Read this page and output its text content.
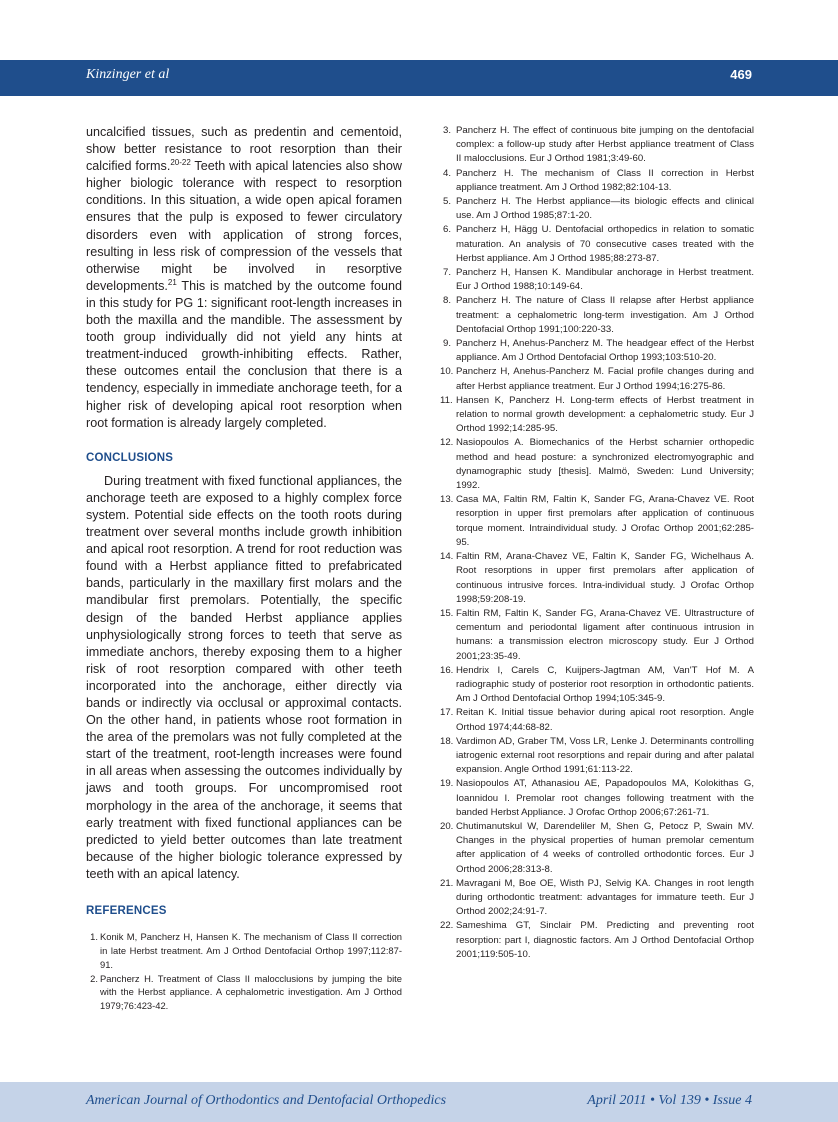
Kinzinger et al	469

uncalcified tissues, such as predentin and cementoid, show better resistance to root resorption than their calcified forms.$^{20-22}$ Teeth with apical latencies also show higher biologic tolerance with respect to resorption conditions. In this situation, a wide open apical foramen ensures that the pulp is exposed to fewer circulatory disorders even with application of strong forces, resulting in less risk of compression of the vessels that otherwise might be involved in resorptive developments.$^{21}$ This is matched by the outcome found in this study for PG 1: significant root-length increases in both the maxilla and the mandible. The assessment by tooth group individually did not yield any hints at treatment-induced growth-inhibiting effects. Rather, these outcomes entail the conclusion that there is a tendency, especially in immediate anchorage teeth, for a higher risk of developing apical root resorption when root formation is already largely completed.

CONCLUSIONS

During treatment with fixed functional appliances, the anchorage teeth are exposed to a highly complex force system. Potential side effects on the tooth roots during treatment over several months include growth inhibition and apical root resorption. A trend for root reduction was found with a Herbst appliance fitted to prefabricated bands, particularly in the maxillary first molars and the mandibular first premolars. Potentially, the specific design of the banded Herbst appliance applies unphysiologically strong forces to teeth that serve as immediate anchors, thereby exposing them to a higher risk of root resorption compared with other teeth incorporated into the anchorage, either directly via bands or indirectly via occlusal or approximal contacts. On the other hand, in patients whose root formation in the area of the premolars was not fully completed at the start of the treatment, root-length increases were found in all areas when assessing the outcomes individually by jaws and tooth groups. For uncompromised root morphology in the area of the anchorage, it seems that early treatment with fixed functional appliances can be predicted to yield better outcomes than late treatment because of the higher biologic tolerance expressed by teeth with an apical latency.

REFERENCES
1. Konik M, Pancherz H, Hansen K. The mechanism of Class II correction in late Herbst treatment. Am J Orthod Dentofacial Orthop 1997;112:87-91.
2. Pancherz H. Treatment of Class II malocclusions by jumping the bite with the Herbst appliance. A cephalometric investigation. Am J Orthod 1979;76:423-42.
3. Pancherz H. The effect of continuous bite jumping on the dentofacial complex: a follow-up study after Herbst appliance treatment of Class II malocclusions. Eur J Orthod 1981;3:49-60.
4. Pancherz H. The mechanism of Class II correction in Herbst appliance treatment. Am J Orthod 1982;82:104-13.
5. Pancherz H. The Herbst appliance—its biologic effects and clinical use. Am J Orthod 1985;87:1-20.
6. Pancherz H, Hägg U. Dentofacial orthopedics in relation to somatic maturation. An analysis of 70 consecutive cases treated with the Herbst appliance. Am J Orthod 1985;88:273-87.
7. Pancherz H, Hansen K. Mandibular anchorage in Herbst treatment. Eur J Orthod 1988;10:149-64.
8. Pancherz H. The nature of Class II relapse after Herbst appliance treatment: a cephalometric long-term investigation. Am J Orthod Dentofacial Orthop 1991;100:220-33.
9. Pancherz H, Anehus-Pancherz M. The headgear effect of the Herbst appliance. Am J Orthod Dentofacial Orthop 1993;103:510-20.
10. Pancherz H, Anehus-Pancherz M. Facial profile changes during and after Herbst appliance treatment. Eur J Orthod 1994;16:275-86.
11. Hansen K, Pancherz H. Long-term effects of Herbst treatment in relation to normal growth development: a cephalometric study. Eur J Orthod 1992;14:285-95.
12. Nasiopoulos A. Biomechanics of the Herbst scharnier orthopedic method and head posture: a synchronized electromyographic and dynamographic study [thesis]. Malmö, Sweden: Lund University; 1992.
13. Casa MA, Faltin RM, Faltin K, Sander FG, Arana-Chavez VE. Root resorption in upper first premolars after application of continuous torque moment. Intraindividual study. J Orofac Orthop 2001;62:285-95.
14. Faltin RM, Arana-Chavez VE, Faltin K, Sander FG, Wichelhaus A. Root resorptions in upper first premolars after application of continuous intrusive forces. Intra-individual study. J Orofac Orthop 1998;59:208-19.
15. Faltin RM, Faltin K, Sander FG, Arana-Chavez VE. Ultrastructure of cementum and periodontal ligament after continuous intrusion in humans: a transmission electron microscopy study. Eur J Orthod 2001;23:35-49.
16. Hendrix I, Carels C, Kuijpers-Jagtman AM, Van'T Hof M. A radiographic study of posterior root resorption in orthodontic patients. Am J Orthod Dentofacial Orthop 1994;105:345-9.
17. Reitan K. Initial tissue behavior during apical root resorption. Angle Orthod 1974;44:68-82.
18. Vardimon AD, Graber TM, Voss LR, Lenke J. Determinants controlling iatrogenic external root resorptions and repair during and after palatal expansion. Angle Orthod 1991;61:113-22.
19. Nasiopoulos AT, Athanasiou AE, Papadopoulos MA, Kolokithas G, Ioannidou I. Premolar root changes following treatment with the banded Herbst Appliance. J Orofac Orthop 2006;67:261-71.
20. Chutimanutskul W, Darendeliler M, Shen G, Petocz P, Swain MV. Changes in the physical properties of human premolar cementum after application of 4 weeks of controlled orthodontic forces. Eur J Orthod 2006;28:313-8.
21. Mavragani M, Boe OE, Wisth PJ, Selvig KA. Changes in root length during orthodontic treatment: advantages for immature teeth. Eur J Orthod 2002;24:91-7.
22. Sameshima GT, Sinclair PM. Predicting and preventing root resorption: part I, diagnostic factors. Am J Orthod Dentofacial Orthop 2001;119:505-10.
American Journal of Orthodontics and Dentofacial Orthopedics	April 2011 • Vol 139 • Issue 4
